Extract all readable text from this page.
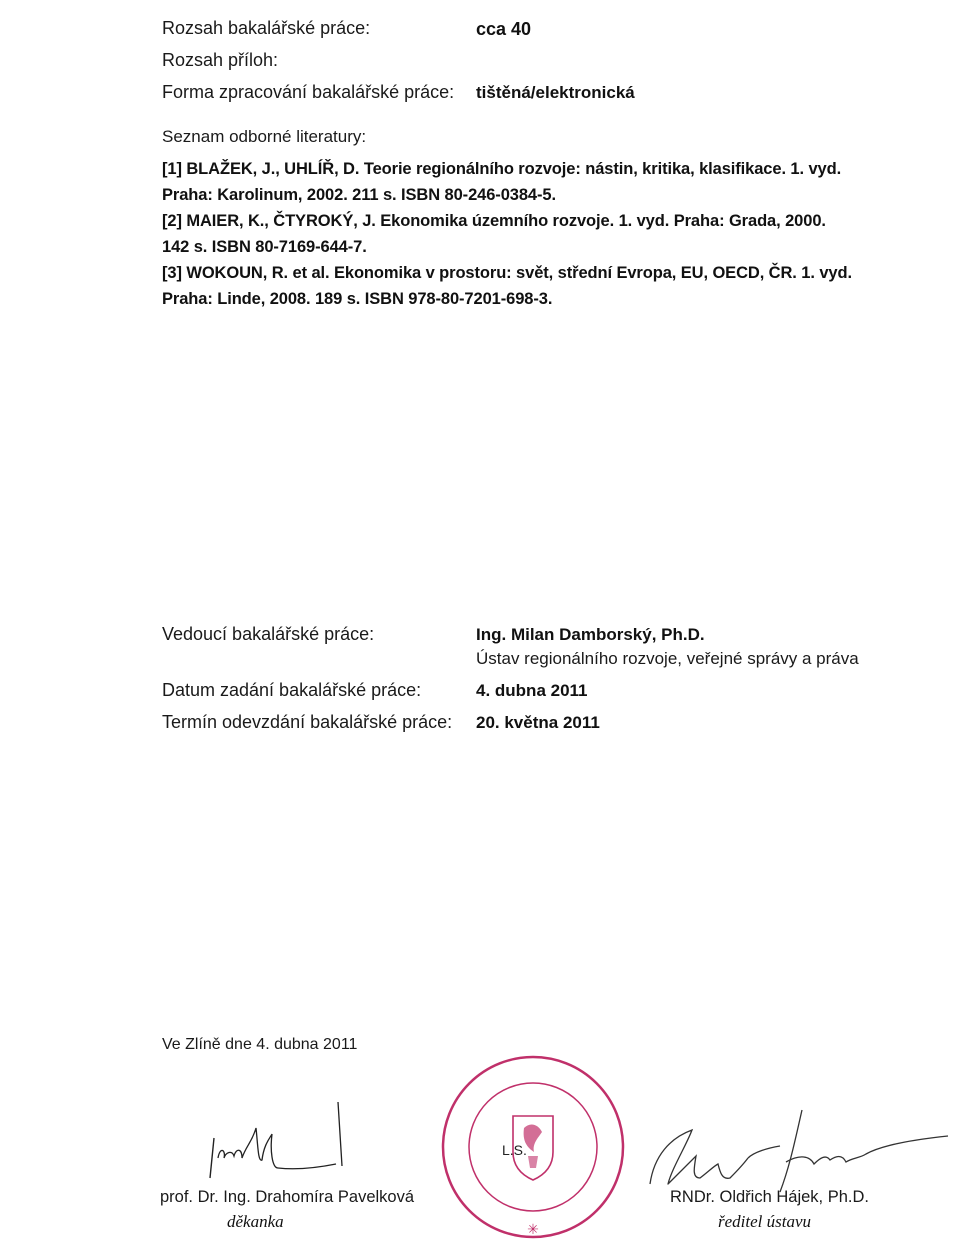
Rozsah bakalářské práce:	cca 40
Rozsah příloh:
Forma zpracování bakalářské práce: tištěná/elektronická
Seznam odborné literatury:
[1] BLAŽEK, J., UHLÍŘ, D. Teorie regionálního rozvoje: nástin, kritika, klasifikace. 1. vyd.
Praha: Karolinum, 2002. 211 s. ISBN 80-246-0384-5.
[2] MAIER, K., ČTYROKÝ, J. Ekonomika územního rozvoje. 1. vyd. Praha: Grada, 2000.
142 s. ISBN 80-7169-644-7.
[3] WOKOUN, R. et al. Ekonomika v prostoru: svět, střední Evropa, EU, OECD, ČR. 1. vyd.
Praha: Linde, 2008. 189 s. ISBN 978-80-7201-698-3.
Vedoucí bakalářské práce:	Ing. Milan Damborský, Ph.D.
Ústav regionálního rozvoje, veřejné správy a práva
Datum zadání bakalářské práce:	4. dubna 2011
Termín odevzdání bakalářské práce: 20. května 2011
Ve Zlíně dne 4. dubna 2011
✳
L.S.
prof. Dr. Ing. Drahomíra Pavelková
děkanka
RNDr. Oldřich Hájek, Ph.D.
ředitel ústavu
